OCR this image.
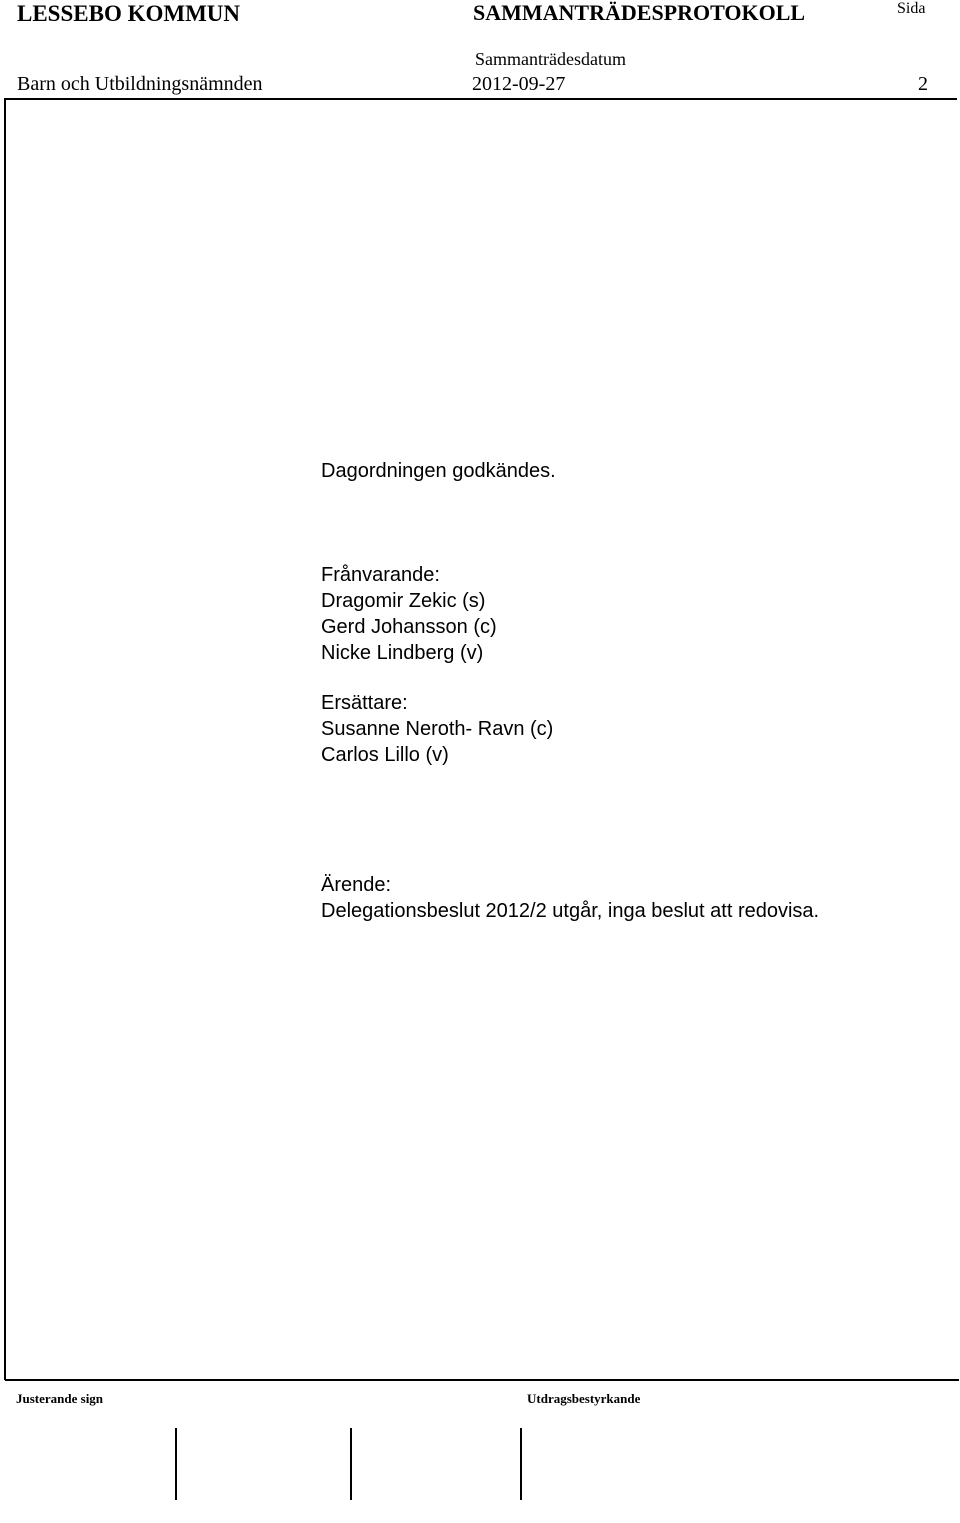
LESSEBO KOMMUN	SAMMANTRÄDESPROTOKOLL	Sida
Sammanträdesdatum
Barn och Utbildningsnämnden	2012-09-27	2
Dagordningen godkändes.
Frånvarande:
Dragomir Zekic (s)
Gerd Johansson (c)
Nicke Lindberg (v)
Ersättare:
Susanne Neroth- Ravn (c)
Carlos Lillo (v)
Ärende:
Delegationsbeslut 2012/2 utgår, inga beslut att redovisa.
Justerande sign	Utdragsbestyrkande
